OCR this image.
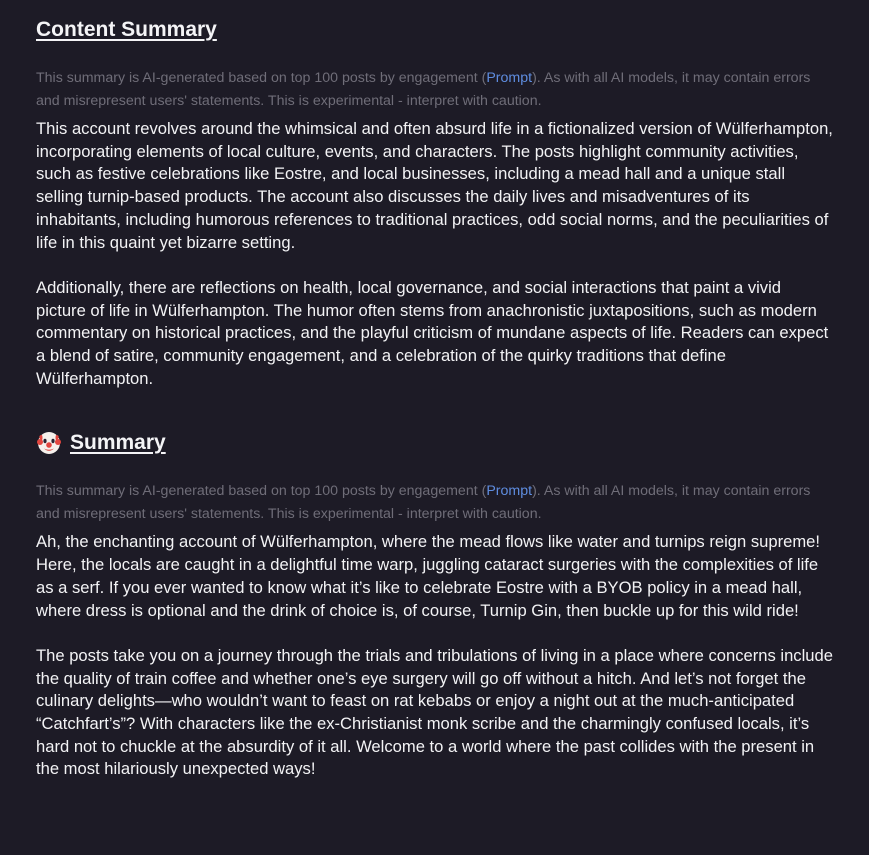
Content Summary

This summary is AI-generated based on top 100 posts by engagement (Prompt). As with all AI models, it may contain errors and misrepresent users' statements. This is experimental - interpret with caution.

This account revolves around the whimsical and often absurd life in a fictionalized version of Wülferhampton, incorporating elements of local culture, events, and characters. The posts highlight community activities, such as festive celebrations like Eostre, and local businesses, including a mead hall and a unique stall selling turnip-based products. The account also discusses the daily lives and misadventures of its inhabitants, including humorous references to traditional practices, odd social norms, and the peculiarities of life in this quaint yet bizarre setting.

Additionally, there are reflections on health, local governance, and social interactions that paint a vivid picture of life in Wülferhampton. The humor often stems from anachronistic juxtapositions, such as modern commentary on historical practices, and the playful criticism of mundane aspects of life. Readers can expect a blend of satire, community engagement, and a celebration of the quirky traditions that define Wülferhampton.

Summary

This summary is AI-generated based on top 100 posts by engagement (Prompt). As with all AI models, it may contain errors and misrepresent users' statements. This is experimental - interpret with caution.

Ah, the enchanting account of Wülferhampton, where the mead flows like water and turnips reign supreme! Here, the locals are caught in a delightful time warp, juggling cataract surgeries with the complexities of life as a serf. If you ever wanted to know what it’s like to celebrate Eostre with a BYOB policy in a mead hall, where dress is optional and the drink of choice is, of course, Turnip Gin, then buckle up for this wild ride!

The posts take you on a journey through the trials and tribulations of living in a place where concerns include the quality of train coffee and whether one’s eye surgery will go off without a hitch. And let’s not forget the culinary delights—who wouldn’t want to feast on rat kebabs or enjoy a night out at the much-anticipated “Catchfart’s”? With characters like the ex-Christianist monk scribe and the charmingly confused locals, it’s hard not to chuckle at the absurdity of it all. Welcome to a world where the past collides with the present in the most hilariously unexpected ways!
